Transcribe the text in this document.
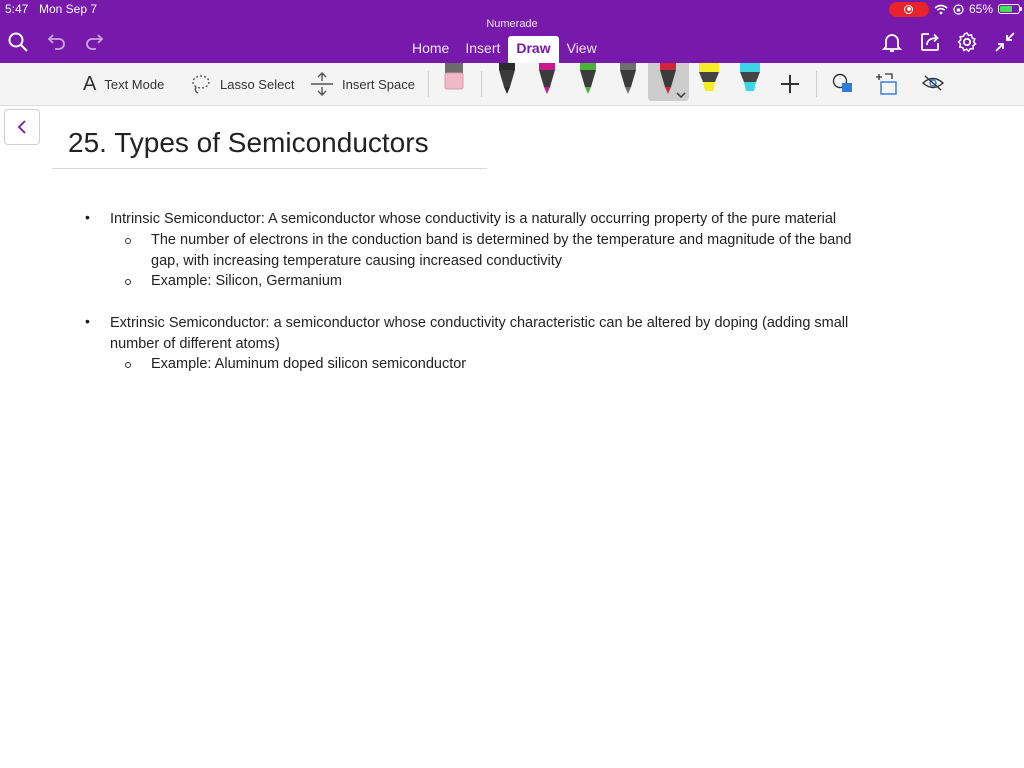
5:47 Mon Sep 7	65%
Numerade
Home	Insert	Draw	View
A Text Mode	Lasso Select	Insert Space
25. Types of Semiconductors
• Intrinsic Semiconductor: A semiconductor whose conductivity is a naturally occurring property of the pure material
The number of electrons in the conduction band is determined by the temperature and magnitude of the band
gap, with increasing temperature causing increased conductivity
Example: Silicon, Germanium
• Extrinsic Semiconductor: a semiconductor whose conductivity characteristic can be altered by doping (adding small
number of different atoms)
Example: Aluminum doped silicon semiconductor
